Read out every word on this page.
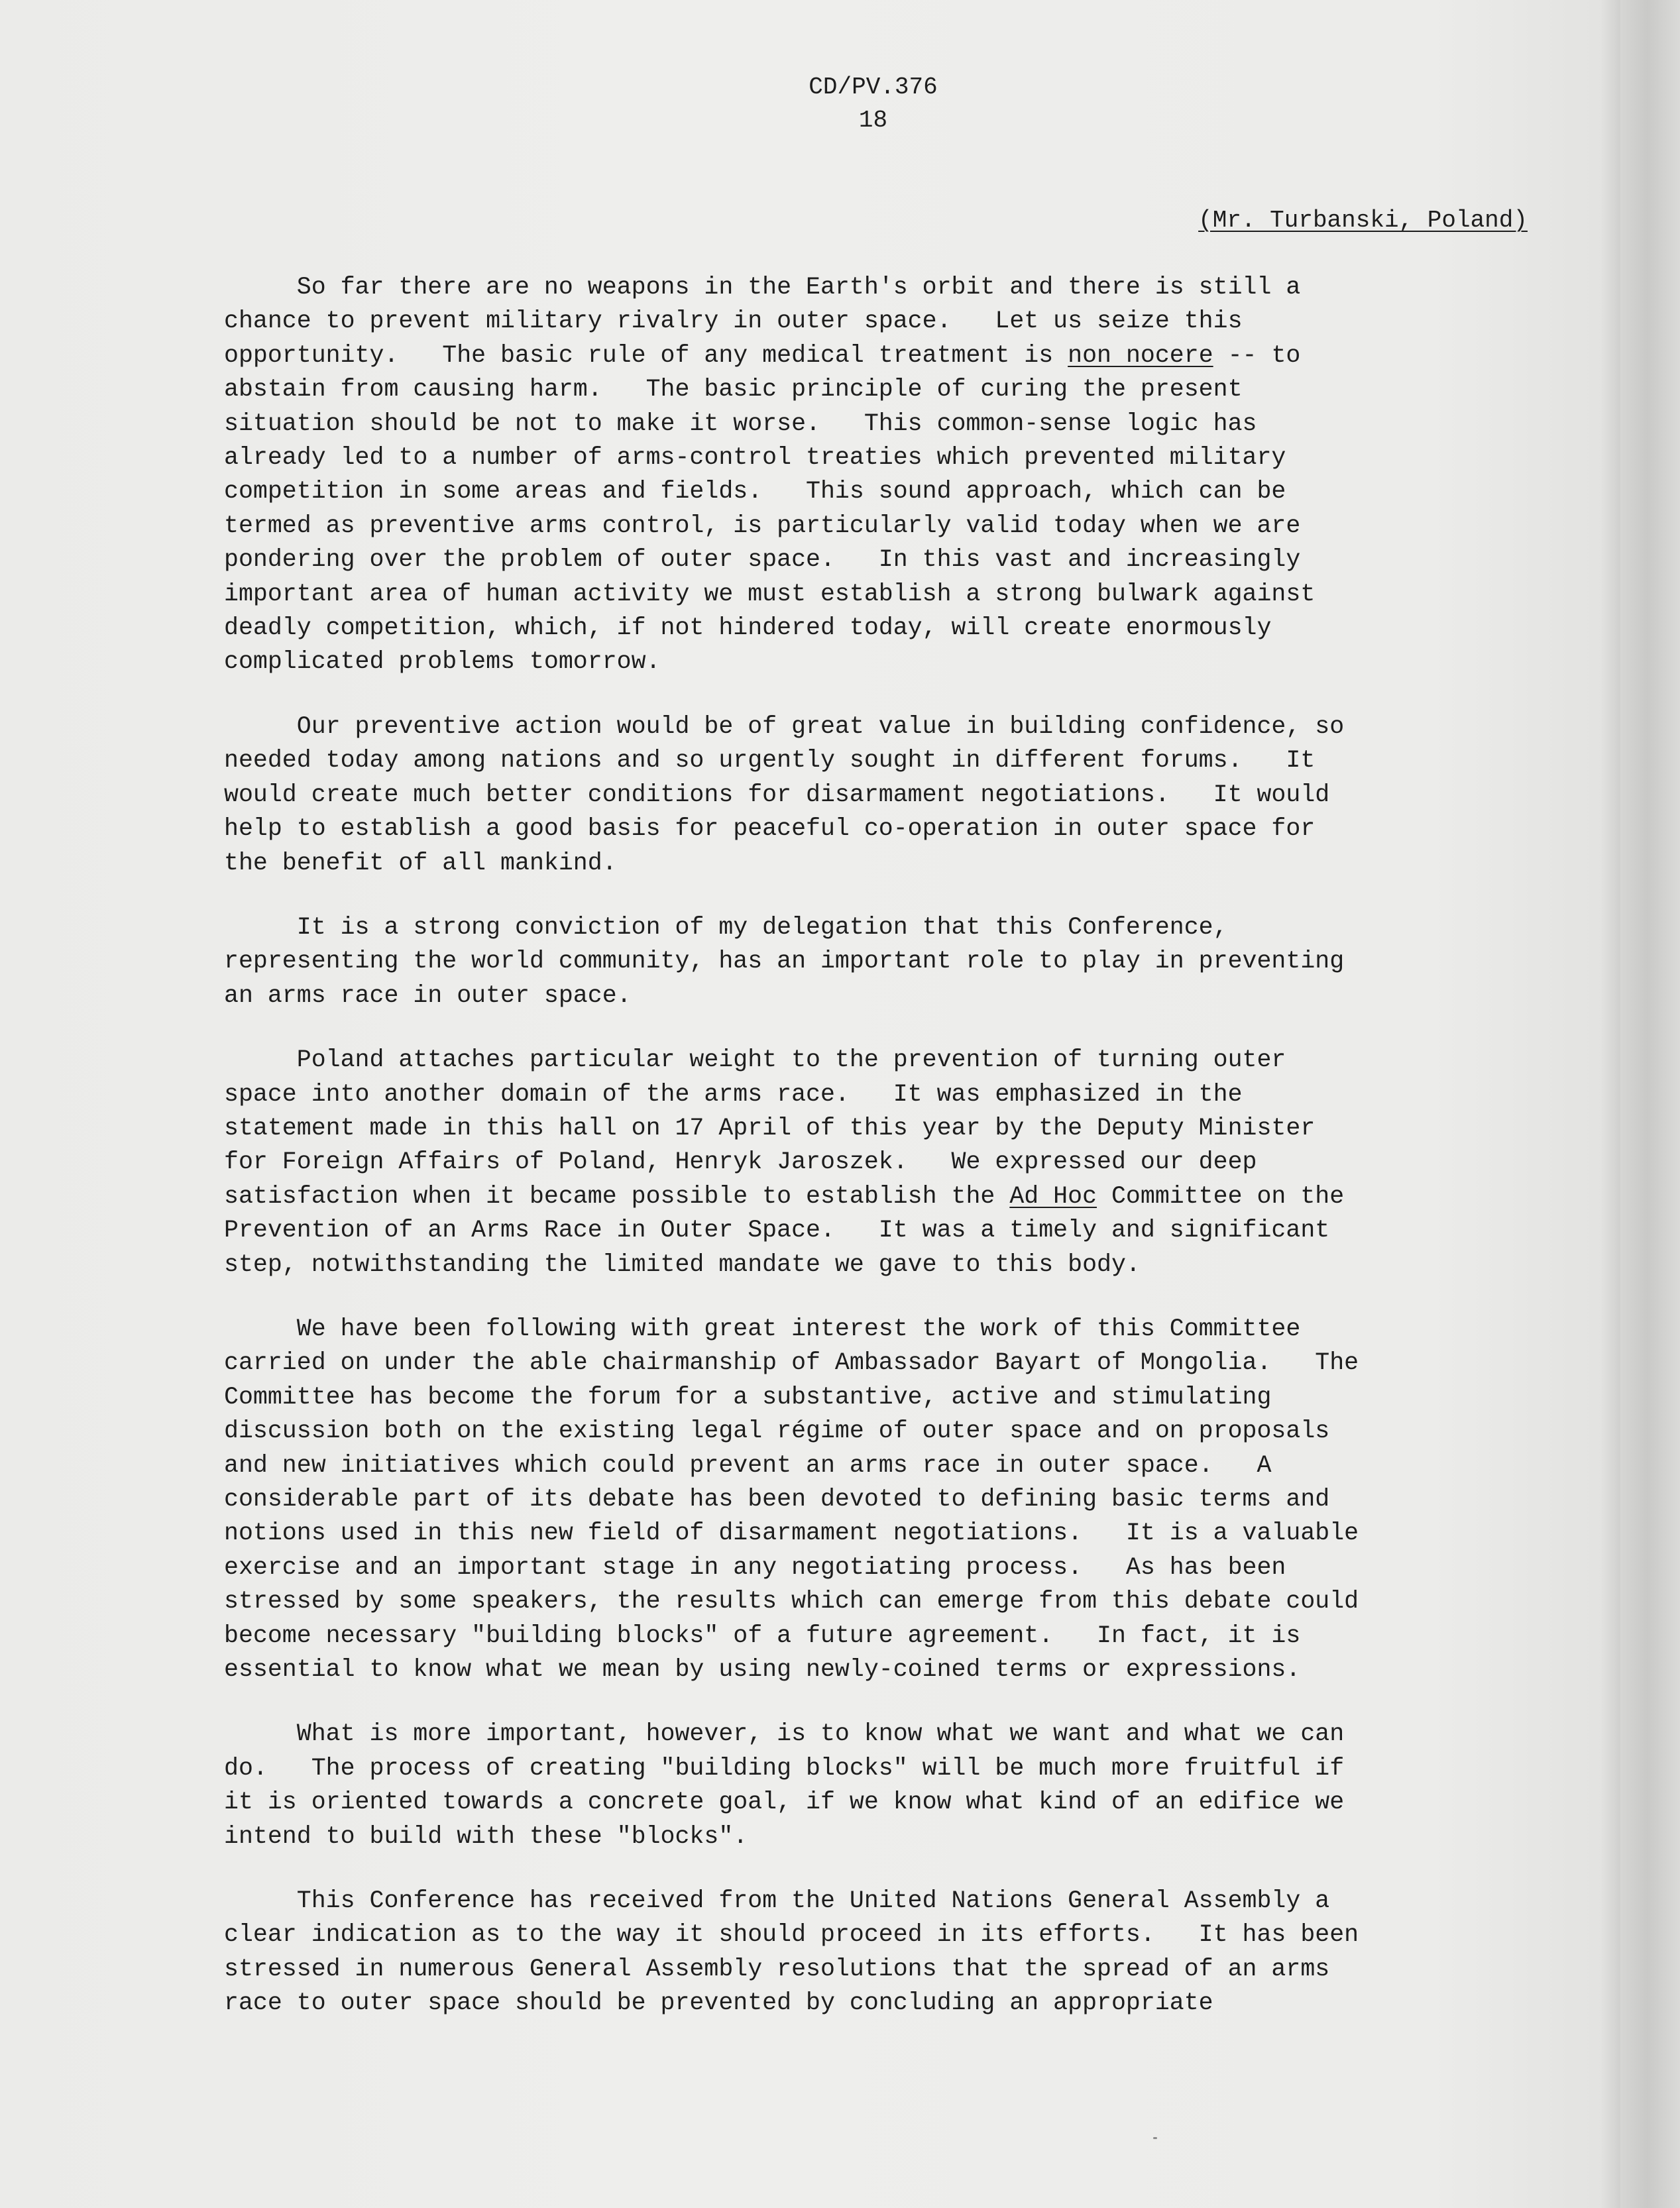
CD/PV.376
18
(Mr. Turbanski, Poland)
So far there are no weapons in the Earth's orbit and there is still a
chance to prevent military rivalry in outer space.   Let us seize this
opportunity.   The basic rule of any medical treatment is non nocere -- to
abstain from causing harm.   The basic principle of curing the present
situation should be not to make it worse.   This common-sense logic has
already led to a number of arms-control treaties which prevented military
competition in some areas and fields.   This sound approach, which can be
termed as preventive arms control, is particularly valid today when we are
pondering over the problem of outer space.   In this vast and increasingly
important area of human activity we must establish a strong bulwark against
deadly competition, which, if not hindered today, will create enormously
complicated problems tomorrow.
Our preventive action would be of great value in building confidence, so
needed today among nations and so urgently sought in different forums.   It
would create much better conditions for disarmament negotiations.   It would
help to establish a good basis for peaceful co-operation in outer space for
the benefit of all mankind.
It is a strong conviction of my delegation that this Conference,
representing the world community, has an important role to play in preventing
an arms race in outer space.
Poland attaches particular weight to the prevention of turning outer
space into another domain of the arms race.   It was emphasized in the
statement made in this hall on 17 April of this year by the Deputy Minister
for Foreign Affairs of Poland, Henryk Jaroszek.   We expressed our deep
satisfaction when it became possible to establish the Ad Hoc Committee on the
Prevention of an Arms Race in Outer Space.   It was a timely and significant
step, notwithstanding the limited mandate we gave to this body.
We have been following with great interest the work of this Committee
carried on under the able chairmanship of Ambassador Bayart of Mongolia.   The
Committee has become the forum for a substantive, active and stimulating
discussion both on the existing legal régime of outer space and on proposals
and new initiatives which could prevent an arms race in outer space.   A
considerable part of its debate has been devoted to defining basic terms and
notions used in this new field of disarmament negotiations.   It is a valuable
exercise and an important stage in any negotiating process.   As has been
stressed by some speakers, the results which can emerge from this debate could
become necessary "building blocks" of a future agreement.   In fact, it is
essential to know what we mean by using newly-coined terms or expressions.
What is more important, however, is to know what we want and what we can
do.   The process of creating "building blocks" will be much more fruitful if
it is oriented towards a concrete goal, if we know what kind of an edifice we
intend to build with these "blocks".
This Conference has received from the United Nations General Assembly a
clear indication as to the way it should proceed in its efforts.   It has been
stressed in numerous General Assembly resolutions that the spread of an arms
race to outer space should be prevented by concluding an appropriate
